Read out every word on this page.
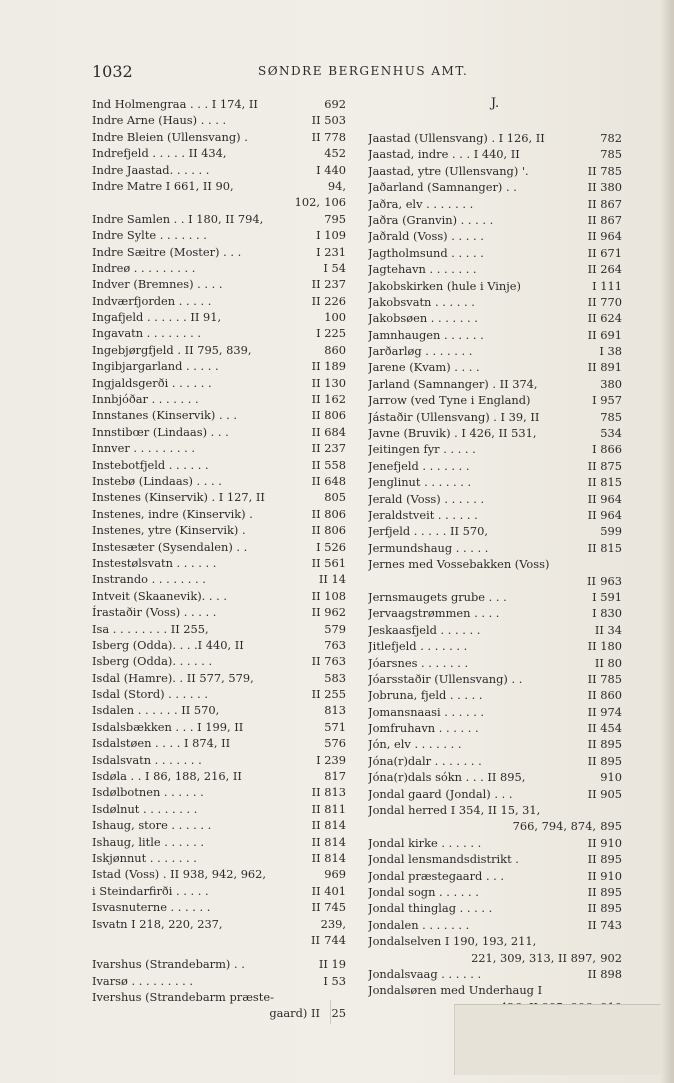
1032	SØNDRE BERGENHUS AMT.
Ind Holmengraa . . . I 174, II	692
Indre Arne (Haus) . . . .	II 503
Indre Bleien (Ullensvang) .	II 778
Indrefjeld . . . . . II 434,	452
Indre Jaastad. . . . . .	I 440
Indre Matre I 661, II 90,	94,
102, 106
Indre Samlen . . I 180, II 794,	795
Indre Sylte . . . . . . .	I 109
Indre Sæitre (Moster) . . .	I 231
Indreø . . . . . . . . .	I 54
Indver (Bremnes) . . . .	II 237
Indværfjorden . . . . .	II 226
Ingafjeld . . . . . . II 91,	100
Ingavatn . . . . . . . .	I 225
Ingebjørgfjeld . II 795, 839,	860
Ingibjargarland . . . . .	II 189
Ingjaldsgerði . . . . . .	II 130
Innbjóðar . . . . . . .	II 162
Innstanes (Kinservik) . . .	II 806
Innstibœr (Lindaas) . . .	II 684
Innver . . . . . . . . .	II 237
Instebotfjeld . . . . . .	II 558
Instebø (Lindaas) . . . .	II 648
Instenes (Kinservik) . I 127, II	805
Instenes, indre (Kinservik) .	II 806
Instenes, ytre (Kinservik) .	II 806
Instesæter (Sysendalen) . .	I 526
Instestølsvatn . . . . . .	II 561
Instrando . . . . . . . .	II 14
Intveit (Skaanevik). . . .	II 108
Írastaðir (Voss) . . . . .	II 962
Isa . . . . . . . . II 255,	579
Isberg (Odda). . . .I 440, II	763
Isberg (Odda). . . . . .	II 763
Isdal (Hamre). . II 577, 579,	583
Isdal (Stord) . . . . . .	II 255
Isdalen . . . . . . II 570,	813
Isdalsbækken . . . I 199, II	571
Isdalstøen . . . . I 874, II	576
Isdalsvatn . . . . . . .	I 239
Isdøla . . I 86, 188, 216, II	817
Isdølbotnen . . . . . .	II 813
Isdølnut . . . . . . . .	II 811
Ishaug, store . . . . . .	II 814
Ishaug, litle . . . . . .	II 814
Iskjønnut . . . . . . .	II 814
Istad (Voss) . II 938, 942, 962,	969
i Steindarfirði . . . . .	II 401
Isvasnuterne . . . . . .	II 745
Isvatn I 218, 220, 237,	239,
II 744
Ivarshus (Strandebarm) . .	II 19
Ivarsø . . . . . . . . .	I 53
Ivershus (Strandebarm præste-
gaard) II	25
J.
Jaastad (Ullensvang) . I 126, II	782
Jaastad, indre . . . I 440, II	785
Jaastad, ytre (Ullensvang) '.	II 785
Jaðarland (Samnanger) . .	II 380
Jaðra, elv . . . . . . .	II 867
Jaðra (Granvin) . . . . .	II 867
Jaðrald (Voss) . . . . .	II 964
Jagtholmsund . . . . .	II 671
Jagtehavn . . . . . . .	II 264
Jakobskirken (hule i Vinje)	I 111
Jakobsvatn . . . . . .	II 770
Jakobsøen . . . . . . .	II 624
Jamnhaugen . . . . . .	II 691
Jarðarløg . . . . . . .	I 38
Jarene (Kvam) . . . .	II 891
Jarland (Samnanger) . II 374,	380
Jarrow (ved Tyne i England)	I 957
Jástaðir (Ullensvang) . I 39, II	785
Javne (Bruvik) . I 426, II 531,	534
Jeitingen fyr . . . . .	I 866
Jenefjeld . . . . . . .	II 875
Jenglinut . . . . . . .	II 815
Jerald (Voss) . . . . . .	II 964
Jeraldstveit . . . . . .	II 964
Jerfjeld . . . . . II 570,	599
Jermundshaug . . . . .	II 815
Jernes med Vossebakken (Voss)
II 963
Jernsmaugets grube . . .	I 591
Jervaagstrømmen . . . .	I 830
Jeskaasfjeld . . . . . .	II 34
Jitlefjeld . . . . . . .	II 180
Jóarsnes . . . . . . .	II 80
Jóarsstaðir (Ullensvang) . .	II 785
Jobruna, fjeld . . . . .	II 860
Jomansnaasi . . . . . .	II 974
Jomfruhavn . . . . . .	II 454
Jón, elv . . . . . . .	II 895
Jóna(r)dalr . . . . . . .	II 895
Jóna(r)dals sókn . . . II 895,	910
Jondal gaard (Jondal) . . .	II 905
Jondal herred I 354, II 15, 31,
766, 794, 874, 895
Jondal kirke . . . . . .	II 910
Jondal lensmandsdistrikt .	II 895
Jondal præstegaard . . .	II 910
Jondal sogn . . . . . .	II 895
Jondal thinglag . . . . .	II 895
Jondalen . . . . . . .	II 743
Jondalselven I 190, 193, 211,
221, 309, 313, II 897, 902
Jondalsvaag . . . . . .	II 898
Jondalsøren med Underhaug I
